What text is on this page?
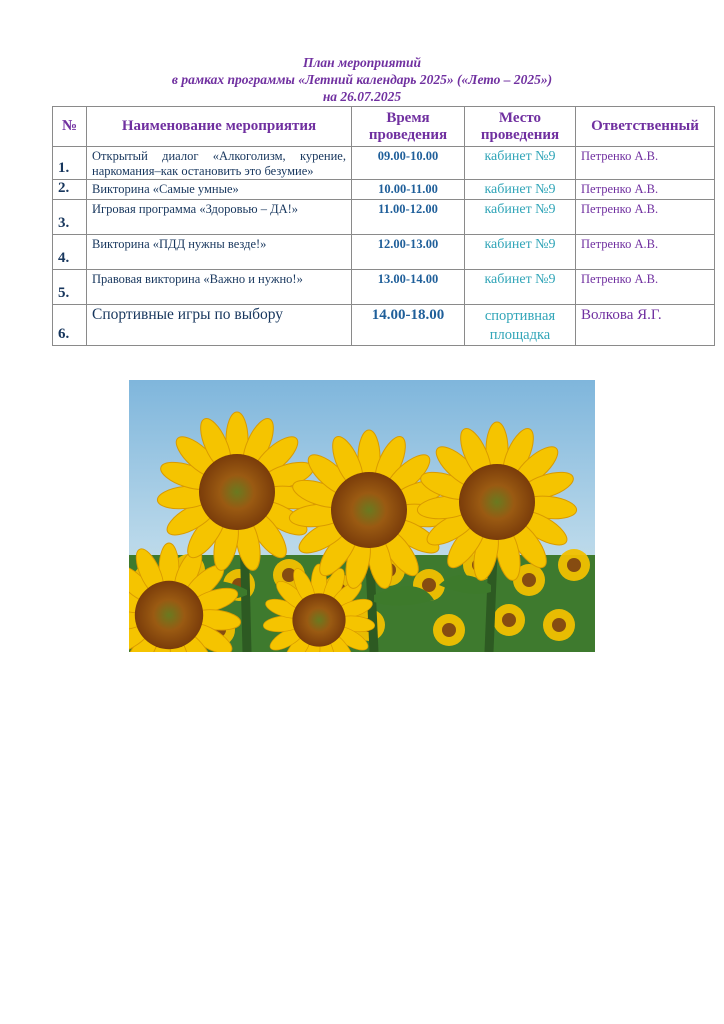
План мероприятий
в рамках программы «Летний календарь 2025» («Лето – 2025»)
на 26.07.2025
№	Наименование мероприятия	Время проведения	Место проведения	Ответственный
1.	Открытый диалог «Алкоголизм, курение, наркомания–как остановить это безумие»	09.00-10.00	кабинет №9	Петренко А.В.
2.	Викторина «Самые умные»	10.00-11.00	кабинет №9	Петренко А.В.
3.	Игровая программа «Здоровью – ДА!»	11.00-12.00	кабинет №9	Петренко А.В.
4.	Викторина «ПДД нужны везде!»	12.00-13.00	кабинет №9	Петренко А.В.
5.	Правовая викторина «Важно и нужно!»	13.00-14.00	кабинет №9	Петренко А.В.
6.	Спортивные игры по выбору	14.00-18.00	спортивная площадка	Волкова Я.Г.
